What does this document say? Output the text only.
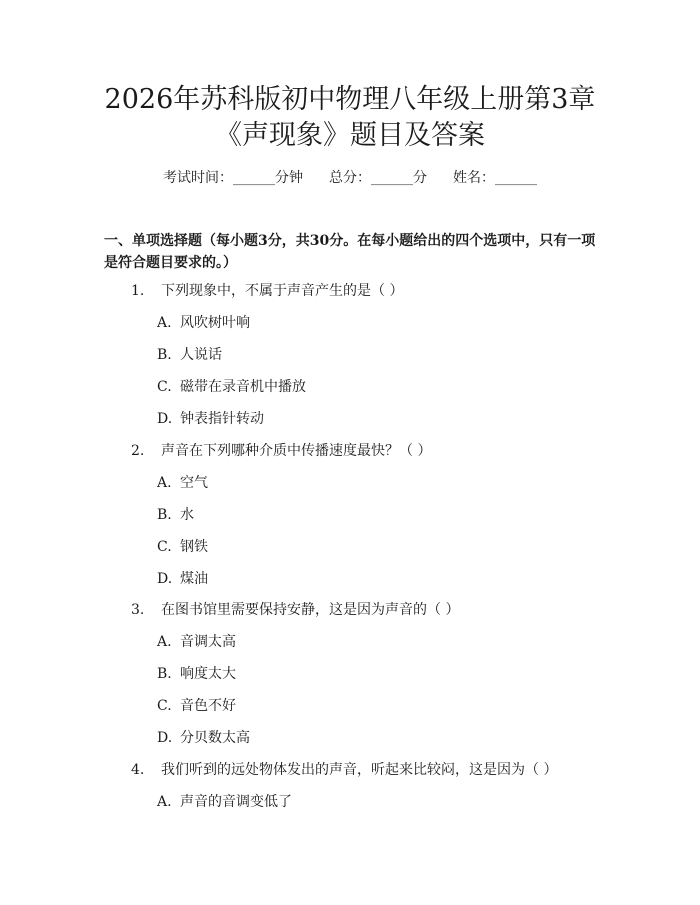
2026年苏科版初中物理八年级上册第3章
《声现象》题目及答案
考试时间：______分钟 总分：______分 姓名：______
一、单项选择题（每小题3分，共30分。在每小题给出的四个选项中，只有一项
是符合题目要求的。）
1. 下列现象中，不属于声音产生的是（ ）
A. 风吹树叶响
B. 人说话
C. 磁带在录音机中播放
D. 钟表指针转动
2. 声音在下列哪种介质中传播速度最快？（ ）
A. 空气
B. 水
C. 钢铁
D. 煤油
3. 在图书馆里需要保持安静，这是因为声音的（ ）
A. 音调太高
B. 响度太大
C. 音色不好
D. 分贝数太高
4. 我们听到的远处物体发出的声音，听起来比较闷，这是因为（ ）
A. 声音的音调变低了
